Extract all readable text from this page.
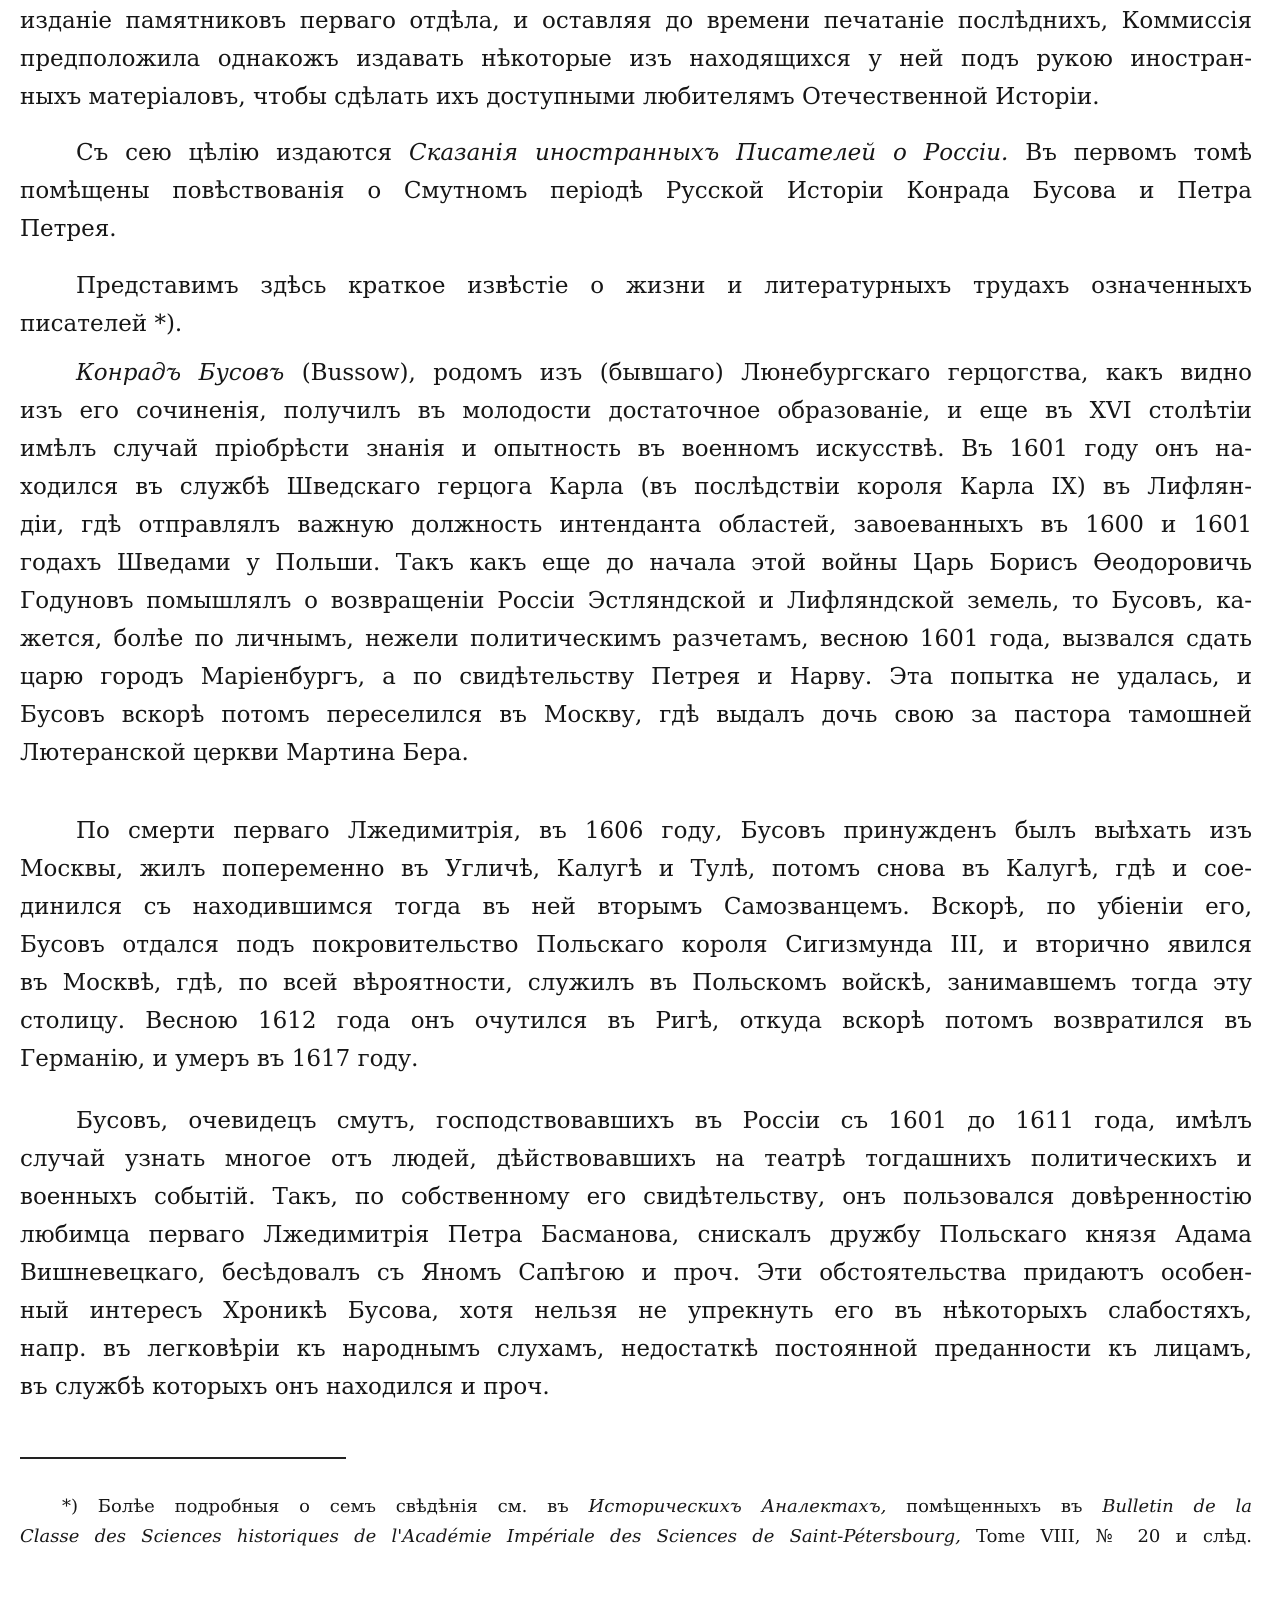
изданіе памятниковъ перваго отдѣла, и оставляя до времени печатаніе послѣднихъ, Коммиссія
предположила однакожъ издавать нѣкоторые изъ находящихся у ней подъ рукою иностран-
ныхъ матеріаловъ, чтобы сдѣлать ихъ доступными любителямъ Отечественной Исторіи.

Съ сею цѣлію издаются Сказанія иностранныхъ Писателей о Россіи. Въ первомъ томѣ
помѣщены повѣствованія о Смутномъ періодѣ Русской Исторіи Конрада Бусова и Петра
Петрея.

Представимъ здѣсь краткое извѣстіе о жизни и литературныхъ трудахъ означенныхъ
писателей *).

Конрадъ Бусовъ (Bussow), родомъ изъ (бывшаго) Люнебургскаго герцогства, какъ видно
изъ его сочиненія, получилъ въ молодости достаточное образованіе, и еще въ XVI столѣтіи
имѣлъ случай пріобрѣсти знанія и опытность въ военномъ искусствѣ. Въ 1601 году онъ на-
ходился въ службѣ Шведскаго герцога Карла (въ послѣдствіи короля Карла IX) въ Лифлян-
діи, гдѣ отправлялъ важную должность интенданта областей, завоеванныхъ въ 1600 и 1601
годахъ Шведами у Польши. Такъ какъ еще до начала этой войны Царь Борисъ Ѳеодоровичь
Годуновъ помышлялъ о возвращеніи Россіи Эстляндской и Лифляндской земель, то Бусовъ, ка-
жется, болѣе по личнымъ, нежели политическимъ разчетамъ, весною 1601 года, вызвался сдать
царю городъ Маріенбургъ, а по свидѣтельству Петрея и Нарву. Эта попытка не удалась, и
Бусовъ вскорѣ потомъ переселился въ Москву, гдѣ выдалъ дочь свою за пастора тамошней
Лютеранской церкви Мартина Бера.

По смерти перваго Лжедимитрія, въ 1606 году, Бусовъ принужденъ былъ выѣхать изъ
Москвы, жилъ попеременно въ Угличѣ, Калугѣ и Тулѣ, потомъ снова въ Калугѣ, гдѣ и сое-
динился съ находившимся тогда въ ней вторымъ Самозванцемъ. Вскорѣ, по убіеніи его,
Бусовъ отдался подъ покровительство Польскаго короля Сигизмунда III, и вторично явился
въ Москвѣ, гдѣ, по всей вѣроятности, служилъ въ Польскомъ войскѣ, занимавшемъ тогда эту
столицу. Весною 1612 года онъ очутился въ Ригѣ, откуда вскорѣ потомъ возвратился въ
Германію, и умеръ въ 1617 году.

Бусовъ, очевидецъ смутъ, господствовавшихъ въ Россіи съ 1601 до 1611 года, имѣлъ
случай узнать многое отъ людей, дѣйствовавшихъ на театрѣ тогдашнихъ политическихъ и
военныхъ событій. Такъ, по собственному его свидѣтельству, онъ пользовался довѣренностію
любимца перваго Лжедимитрія Петра Басманова, снискалъ дружбу Польскаго князя Адама
Вишневецкаго, бесѣдовалъ съ Яномъ Сапѣгою и проч. Эти обстоятельства придаютъ особен-
ный интересъ Хроникѣ Бусова, хотя нельзя не упрекнуть его въ нѣкоторыхъ слабостяхъ,
напр. въ легковѣріи къ народнымъ слухамъ, недостаткѣ постоянной преданности къ лицамъ,
въ службѣ которыхъ онъ находился и проч.

*) Болѣе подробныя о семъ свѣдѣнія см. въ Историческихъ Аналектахъ, помѣщенныхъ въ Bulletin de la
Classe des Sciences historiques de l'Académie Impériale des Sciences de Saint-Pétersbourg, Tome VIII, № 20 и слѣд.
